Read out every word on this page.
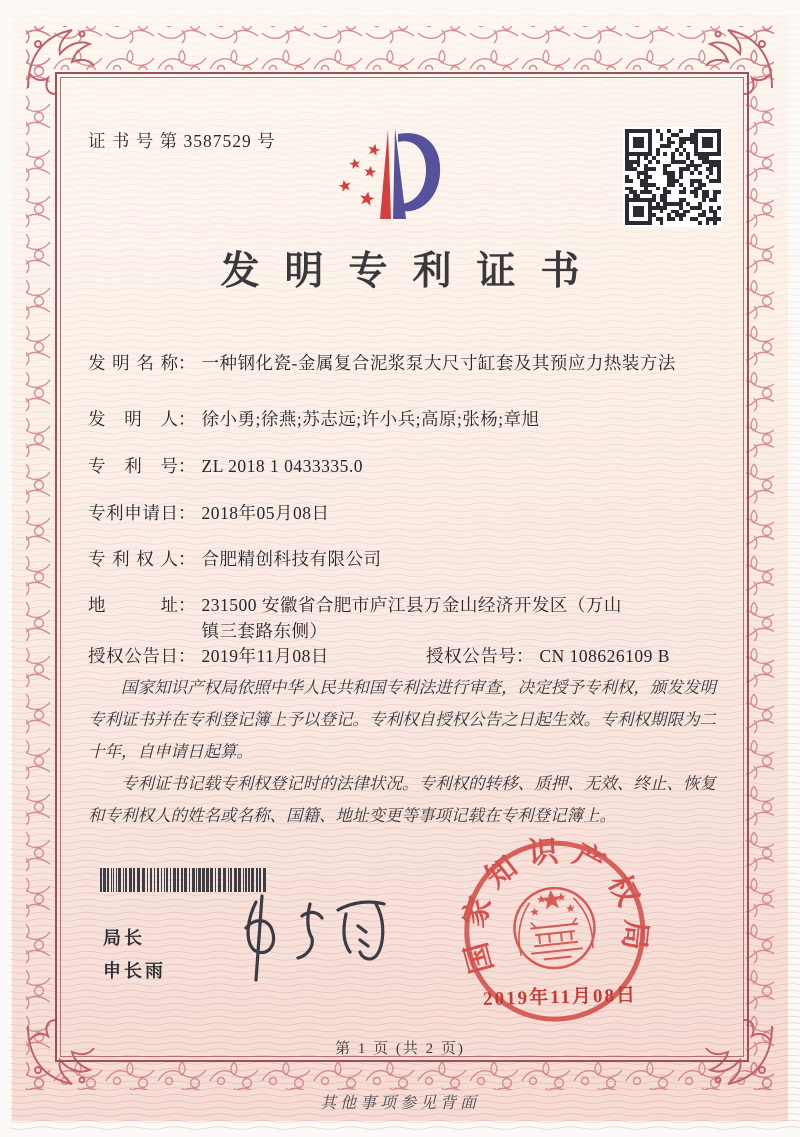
证 书 号 第 3587529 号
发明专利证书
发明名称： 一种钢化瓷-金属复合泥浆泵大尺寸缸套及其预应力热装方法
发明人： 徐小勇;徐燕;苏志远;许小兵;高原;张杨;章旭
专利号： ZL 2018 1 0433335.0
专利申请日： 2018年05月08日
专利权人： 合肥精创科技有限公司
地址： 231500 安徽省合肥市庐江县万金山经济开发区（万山镇三套路东侧）
授权公告日： 2019年11月08日	授权公告号： CN 108626109 B

国家知识产权局依照中华人民共和国专利法进行审查，决定授予专利权，颁发发明专利证书并在专利登记簿上予以登记。专利权自授权公告之日起生效。专利权期限为二十年，自申请日起算。

专利证书记载专利权登记时的法律状况。专利权的转移、质押、无效、终止、恢复和专利权人的姓名或名称、国籍、地址变更等事项记载在专利登记簿上。

局长
申长雨	国家知识产权局
2019年11月08日
第 1 页 (共 2 页)
其他事项参见背面
